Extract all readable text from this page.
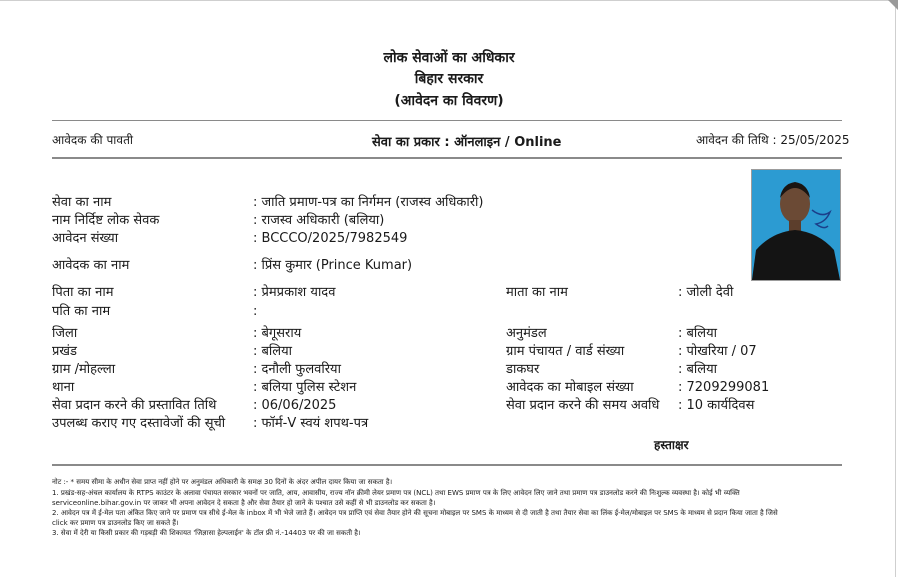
लोक सेवाओं का अधिकार
बिहार सरकार
(आवेदन का विवरण)
आवेदक की पावती	सेवा का प्रकार : ऑनलाइन / Online	आवेदन की तिथि : 25/05/2025
सेवा का नाम	: जाति प्रमाण-पत्र का निर्गमन (राजस्व अधिकारी)
नाम निर्दिष्ट लोक सेवक	: राजस्व अधिकारी (बलिया)
आवेदन संख्या	: BCCCO/2025/7982549
आवेदक का नाम	: प्रिंस कुमार (Prince Kumar)
पिता का नाम	: प्रेमप्रकाश यादव	माता का नाम	: जोली देवी
पति का नाम	:
जिला	: बेगूसराय	अनुमंडल	: बलिया
प्रखंड	: बलिया	ग्राम पंचायत / वार्ड संख्या	: पोखरिया / 07
ग्राम /मोहल्ला	: दनौली फुलवरिया	डाकघर	: बलिया
थाना	: बलिया पुलिस स्टेशन	आवेदक का मोबाइल संख्या	: 7209299081
सेवा प्रदान करने की प्रस्तावित तिथि	: 06/06/2025	सेवा प्रदान करने की समय अवधि : 10 कार्यदिवस
उपलब्ध कराए गए दस्तावेजों की सूची : फॉर्म-V स्वयं शपथ-पत्र
हस्ताक्षर
नोट :- * समय सीमा के अधीन सेवा प्राप्त नहीं होने पर अनुमंडल अधिकारी के समक्ष 30 दिनों के अंदर अपील दायर किया जा सकता है।
1. प्रखंड-सह-अंचल कार्यालय के RTPS काउंटर के अलावा पंचायत सरकार भवनों पर जाति, आय, आवासीय, राज्य नॉन क्रीमी लेयर प्रमाण पत्र (NCL) तथा EWS प्रमाण पत्र के लिए आवेदन लिए जाने तथा प्रमाण पत्र डाउनलोड करने की निःशुल्क व्यवस्था है। कोई भी व्यक्ति
serviceonline.bihar.gov.in पर जाकर भी अपना आवेदन दे सकता है और सेवा तैयार हो जाने के पश्चात उसे कहीं से भी डाउनलोड कर सकता है।
2. आवेदन पत्र में ई-मेल पता अंकित किए जाने पर प्रमाण पत्र सीधे ई-मेल के inbox में भी भेजे जाते हैं। आवेदन पत्र प्राप्ति एवं सेवा तैयार होने की सूचना मोबाइल पर SMS के माध्यम से दी जाती है तथा तैयार सेवा का लिंक ई-मेल/मोबाइल पर SMS के माध्यम से प्रदान किया जाता है जिसे
click कर प्रमाण पत्र डाउनलोड किए जा सकते हैं।
3. सेवा में देरी या किसी प्रकार की गड़बड़ी की शिकायत 'जिज्ञासा हेल्पलाईन' के टॉल फ्री नं.-14403 पर की जा सकती है।
